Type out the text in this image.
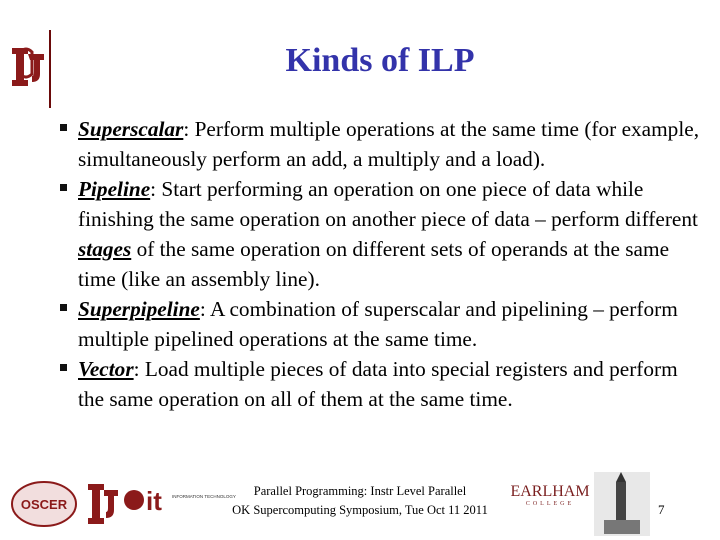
Kinds of ILP
Superscalar: Perform multiple operations at the same time (for example, simultaneously perform an add, a multiply and a load).
Pipeline: Start performing an operation on one piece of data while finishing the same operation on another piece of data – perform different stages of the same operation on different sets of operands at the same time (like an assembly line).
Superpipeline: A combination of superscalar and pipelining – perform multiple pipelined operations at the same time.
Vector: Load multiple pieces of data into special registers and perform the same operation on all of them at the same time.
OSCER	it INFORMATION TECHNOLOGY	Parallel Programming: Instr Level Parallel
OK Supercomputing Symposium, Tue Oct 11 2011
EARLHAM
COLLEGE	7
